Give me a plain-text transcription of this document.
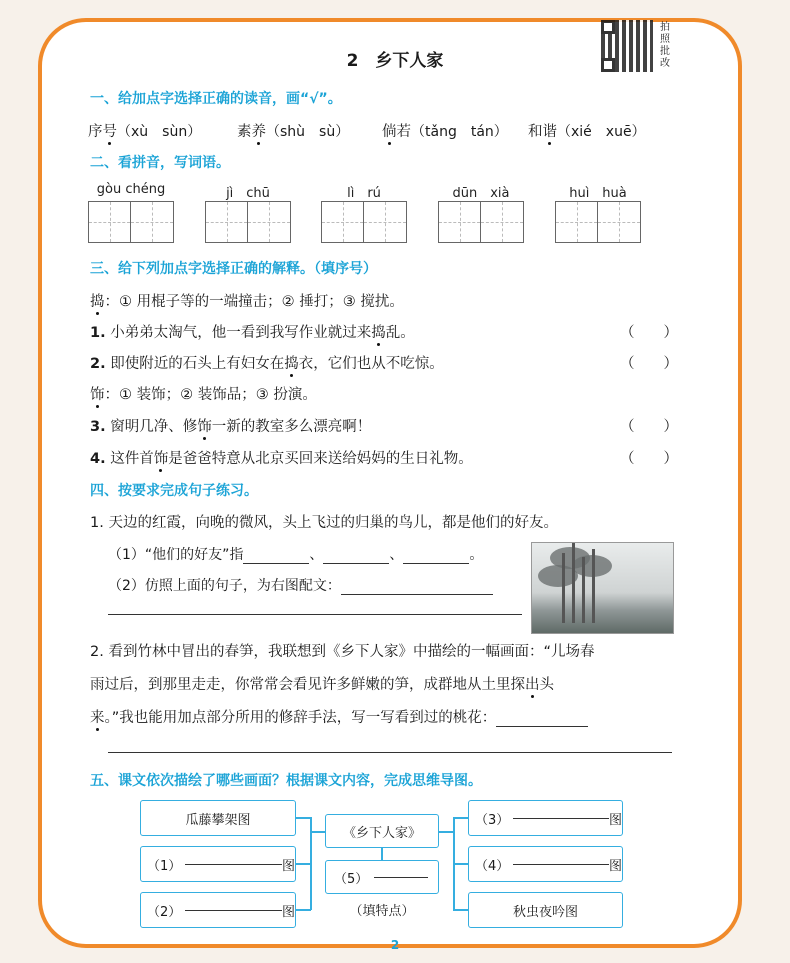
2　乡下人家
拍照批改
一、给加点字选择正确的读音，画“√”。
序号（xù　sùn） 素养（shù　sù） 倘若（tǎng　tán） 和谐（xié　xuē）
二、看拼音，写词语。
gòu chéng	jì　chū	lì　rú	dūn　xià	huì　huà
三、给下列加点字选择正确的解释。（填序号）
捣：① 用棍子等的一端撞击；② 捶打；③ 搅扰。
1. 小弟弟太淘气，他一看到我写作业就过来捣乱。	（　　）
2. 即使附近的石头上有妇女在捣衣，它们也从不吃惊。	（　　）
饰：① 装饰；② 装饰品；③ 扮演。
3. 窗明几净、修饰一新的教室多么漂亮啊！	（　　）
4. 这件首饰是爸爸特意从北京买回来送给妈妈的生日礼物。	（　　）
四、按要求完成句子练习。
1. 天边的红霞，向晚的微风，头上飞过的归巢的鸟儿，都是他们的好友。
（1）“他们的好友”指	、	、	。
（2）仿照上面的句子，为右图配文：
2. 看到竹林中冒出的春笋，我联想到《乡下人家》中描绘的一幅画面：“儿场春
雨过后，到那里走走，你常常会看见许多鲜嫩的笋，成群地从土里探出头
来。”我也能用加点部分所用的修辞手法，写一写看到过的桃花：
五、课文依次描绘了哪些画面？根据课文内容，完成思维导图。
瓜藤攀架图
（1）	图
（2）	图
《乡下人家》
（5）
（填特点）
（3）	图
（4）	图
秋虫夜吟图
2
